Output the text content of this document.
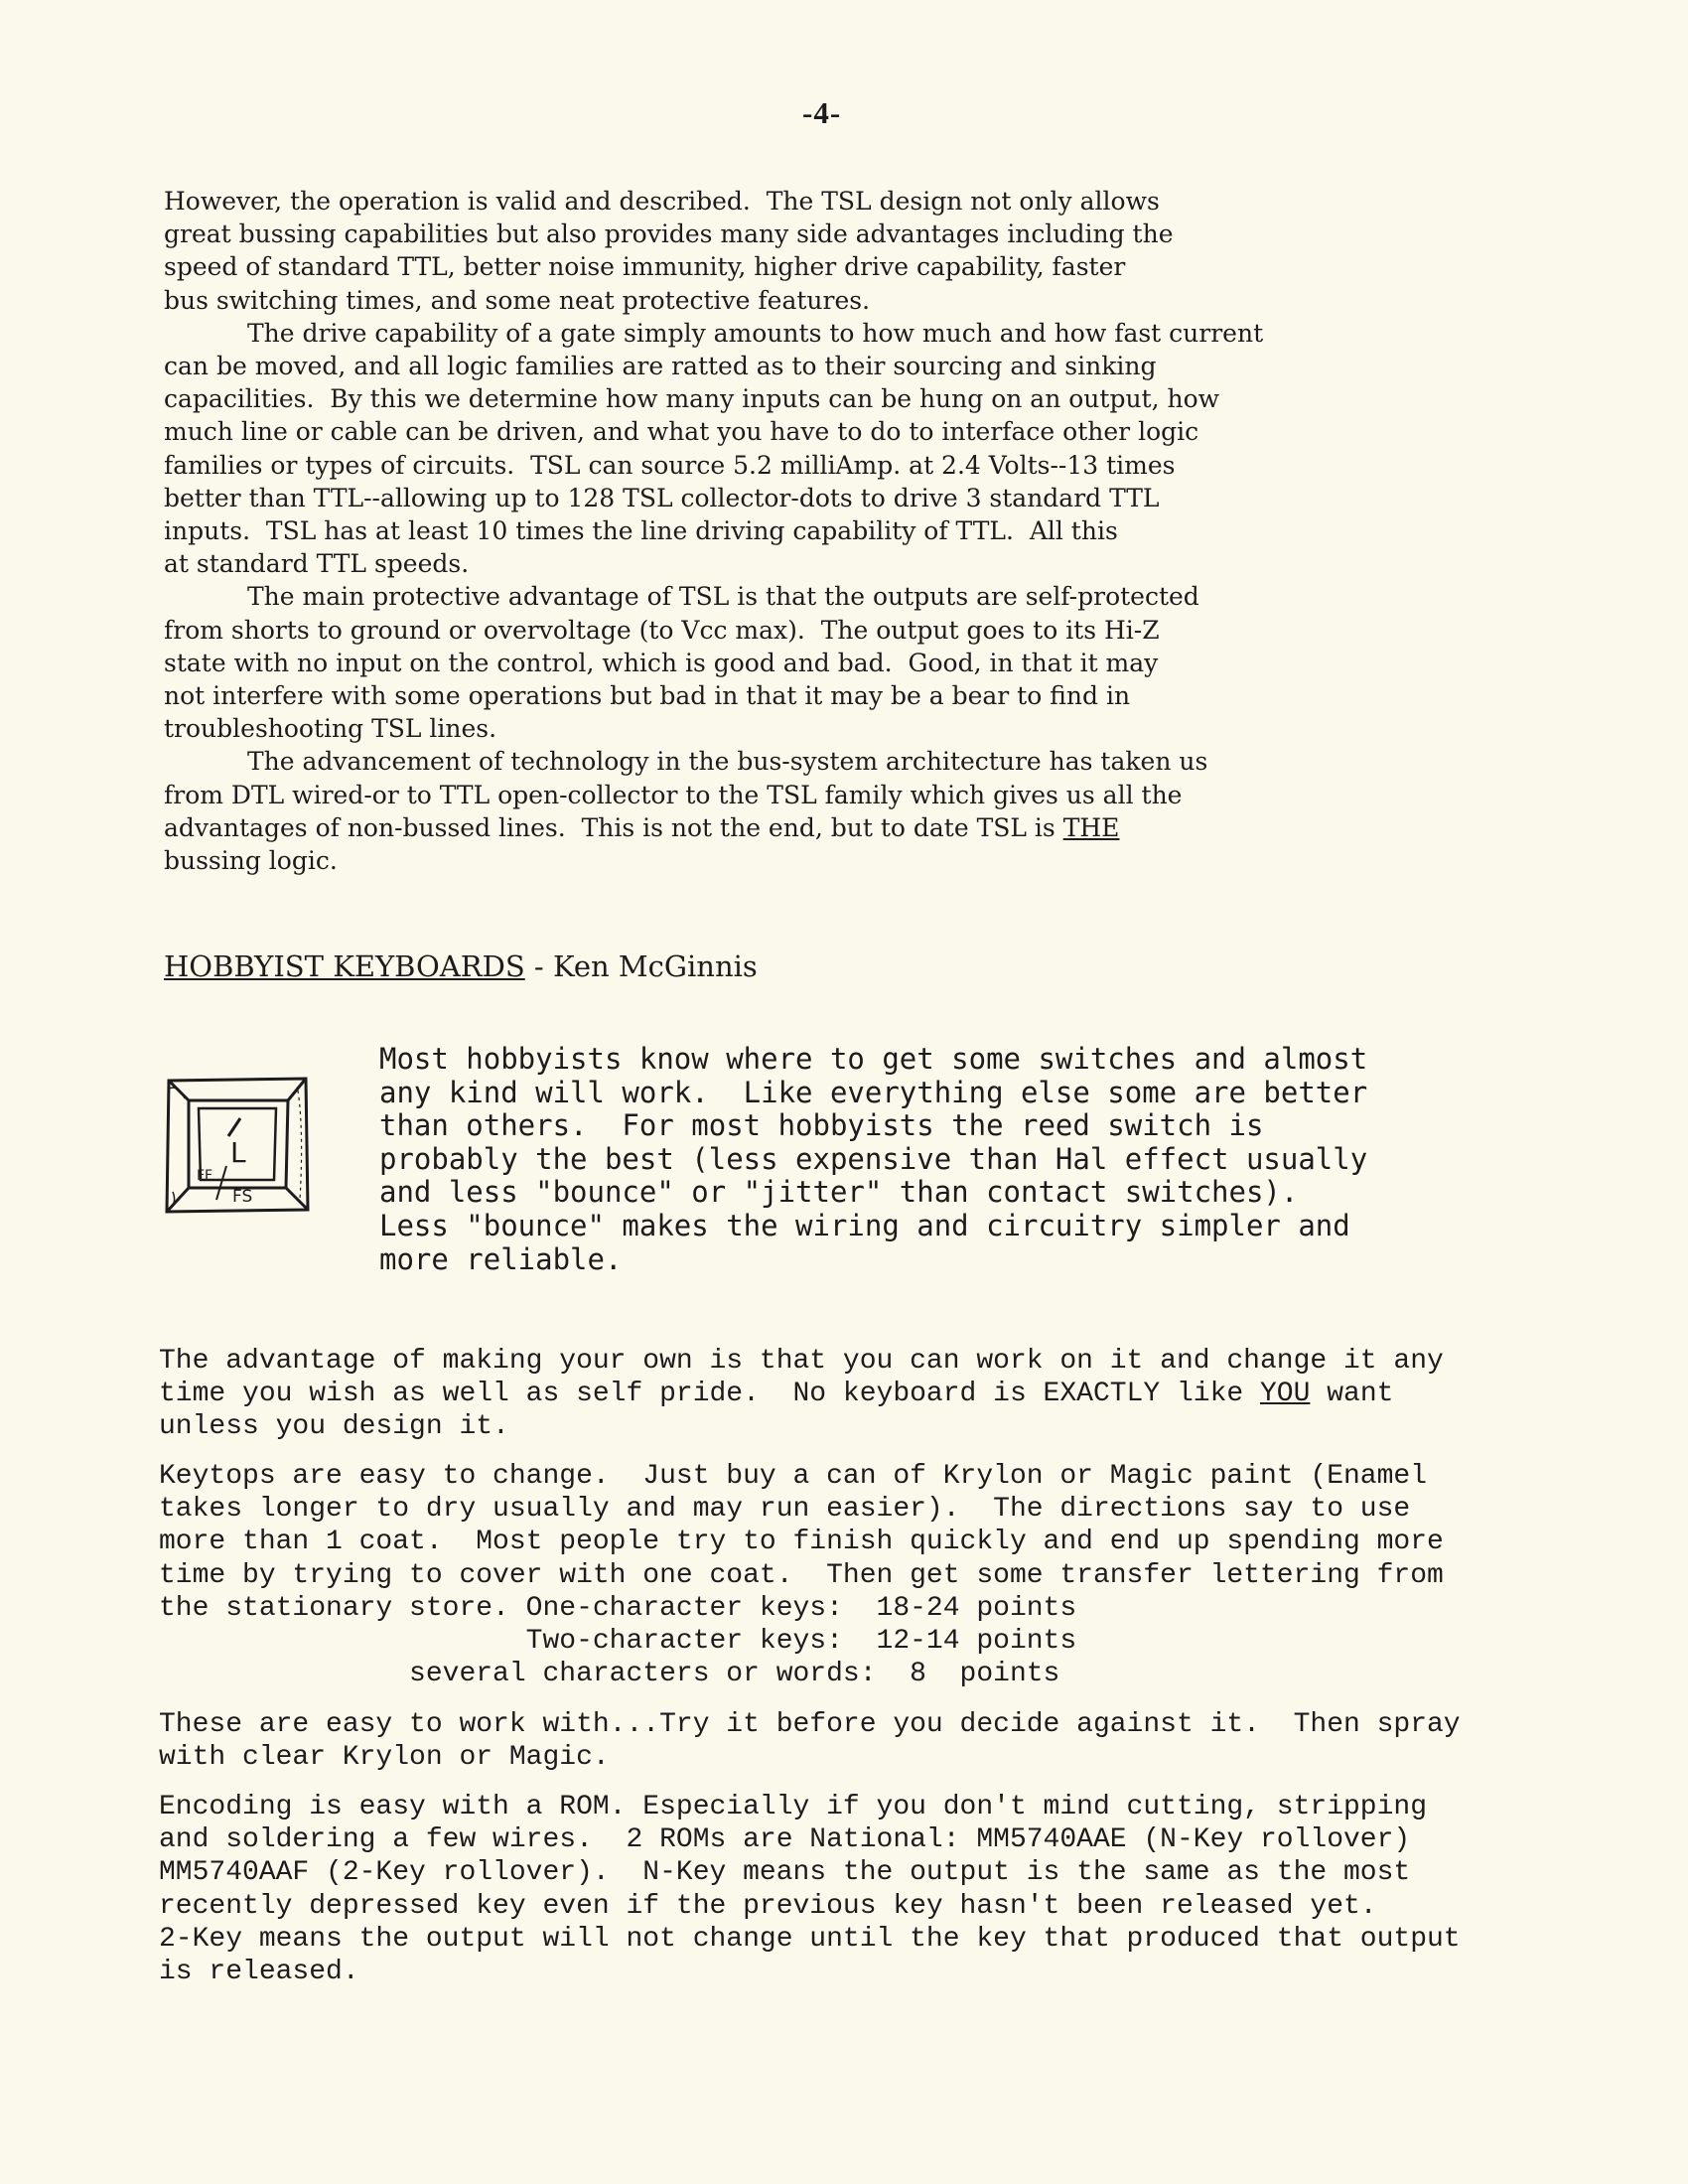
-4-

However, the operation is valid and described.  The TSL design not only allows

great bussing capabilities but also provides many side advantages including the

speed of standard TTL, better noise immunity, higher drive capability, faster

bus switching times, and some neat protective features.

The drive capability of a gate simply amounts to how much and how fast current

can be moved, and all logic families are ratted as to their sourcing and sinking

capacilities.  By this we determine how many inputs can be hung on an output, how

much line or cable can be driven, and what you have to do to interface other logic

families or types of circuits.  TSL can source 5.2 milliAmp. at 2.4 Volts--13 times

better than TTL--allowing up to 128 TSL collector-dots to drive 3 standard TTL

inputs.  TSL has at least 10 times the line driving capability of TTL.  All this

at standard TTL speeds.

The main protective advantage of TSL is that the outputs are self-protected

from shorts to ground or overvoltage (to Vcc max).  The output goes to its Hi-Z

state with no input on the control, which is good and bad.  Good, in that it may

not interfere with some operations but bad in that it may be a bear to find in

troubleshooting TSL lines.

The advancement of technology in the bus-system architecture has taken us

from DTL wired-or to TTL open-collector to the TSL family which gives us all the

advantages of non-bussed lines.  This is not the end, but to date TSL is THE

bussing logic.

HOBBYIST KEYBOARDS - Ken McGinnis
L
FF
FS
Most hobbyists know where to get some switches and almost
any kind will work.  Like everything else some are better
than others.  For most hobbyists the reed switch is
probably the best (less expensive than Hal effect usually
and less "bounce" or "jitter" than contact switches).
Less "bounce" makes the wiring and circuitry simpler and
more reliable.
The advantage of making your own is that you can work on it and change it any
time you wish as well as self pride.  No keyboard is EXACTLY like YOU want
unless you design it.
Keytops are easy to change.  Just buy a can of Krylon or Magic paint (Enamel
takes longer to dry usually and may run easier).  The directions say to use
more than 1 coat.  Most people try to finish quickly and end up spending more
time by trying to cover with one coat.  Then get some transfer lettering from
the stationary store. One-character keys:  18-24 points
Two-character keys:  12-14 points
several characters or words:  8  points
These are easy to work with...Try it before you decide against it.  Then spray
with clear Krylon or Magic.
Encoding is easy with a ROM. Especially if you don't mind cutting, stripping
and soldering a few wires.  2 ROMs are National: MM5740AAE (N-Key rollover)
MM5740AAF (2-Key rollover).  N-Key means the output is the same as the most
recently depressed key even if the previous key hasn't been released yet.
2-Key means the output will not change until the key that produced that output
is released.
